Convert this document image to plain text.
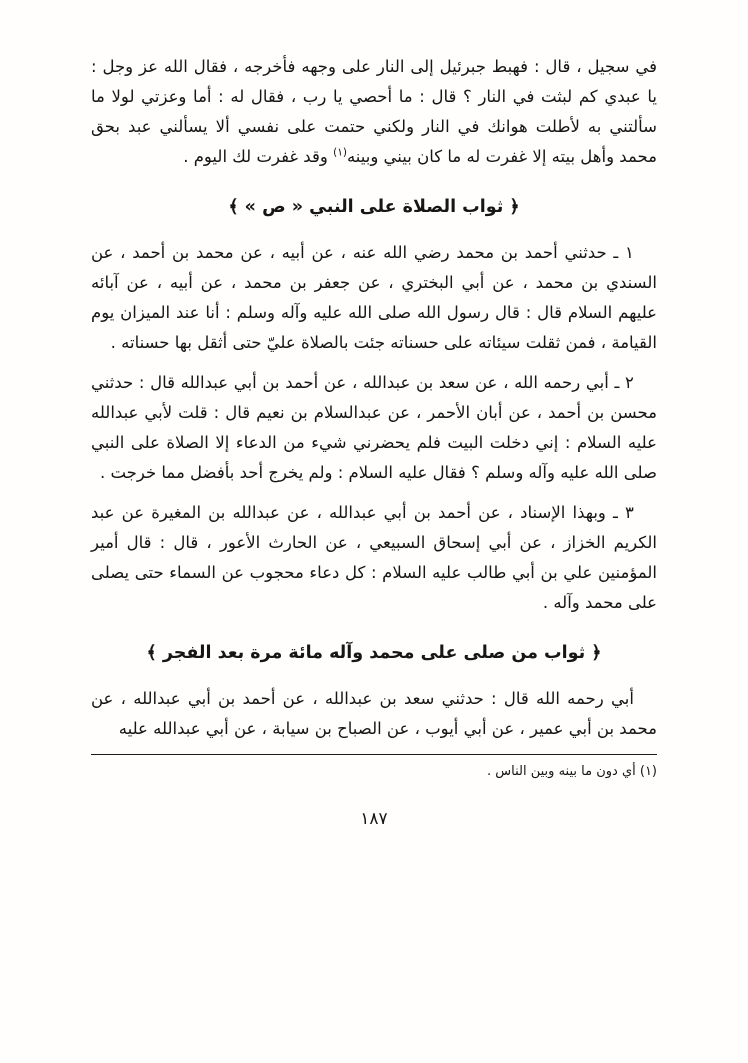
في سجيل ، قال : فهبط جبرئيل إلى النار على وجهه فأخرجه ، فقال الله عز وجل : يا عبدي كم لبثت في النار ؟ قال : ما أحصي يا رب ، فقال له : أما وعزتي لولا ما سألتني به لأطلت هوانك في النار ولكني حتمت على نفسي ألا يسألني عبد بحق محمد وأهل بيته إلا غفرت له ما كان بيني وبينه$^{(١)}$ وقد غفرت لك اليوم .

﴿ ثواب الصلاة على النبي « ص » ﴾

١ ـ حدثني أحمد بن محمد رضي الله عنه ، عن أبيه ، عن محمد بن أحمد ، عن السندي بن محمد ، عن أبي البختري ، عن جعفر بن محمد ، عن أبيه ، عن آبائه عليهم السلام قال : قال رسول الله صلى الله عليه وآله وسلم : أنا عند الميزان يوم القيامة ، فمن ثقلت سيئاته على حسناته جئت بالصلاة عليّ حتى أثقل بها حسناته .

٢ ـ أبي رحمه الله ، عن سعد بن عبدالله ، عن أحمد بن أبي عبدالله قال : حدثني محسن بن أحمد ، عن أبان الأحمر ، عن عبدالسلام بن نعيم قال : قلت لأبي عبدالله عليه السلام : إني دخلت البيت فلم يحضرني شيء من الدعاء إلا الصلاة على النبي صلى الله عليه وآله وسلم ؟ فقال عليه السلام : ولم يخرج أحد بأفضل مما خرجت .

٣ ـ وبهذا الإسناد ، عن أحمد بن أبي عبدالله ، عن عبدالله بن المغيرة عن عبد الكريم الخزاز ، عن أبي إسحاق السبيعي ، عن الحارث الأعور ، قال : قال أمير المؤمنين علي بن أبي طالب عليه السلام : كل دعاء محجوب عن السماء حتى يصلى على محمد وآله .

﴿ ثواب من صلى على محمد وآله مائة مرة بعد الفجر ﴾

أبي رحمه الله قال : حدثني سعد بن عبدالله ، عن أحمد بن أبي عبدالله ، عن محمد بن أبي عمير ، عن أبي أيوب ، عن الصباح بن سيابة ، عن أبي عبدالله عليه

(١) أي دون ما بينه وبين الناس .

١٨٧
